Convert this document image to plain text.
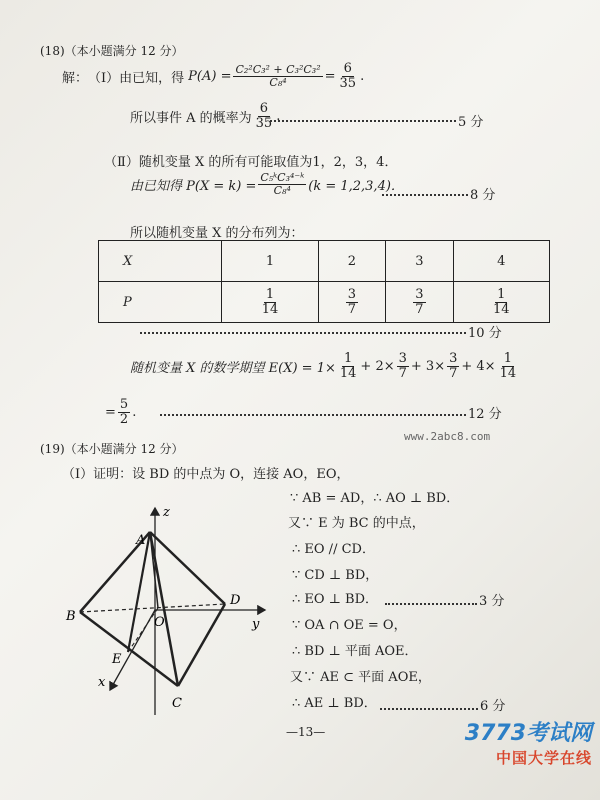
(18)（本小题满分 12 分）
解： （Ⅰ）由已知，得 $P(A) = \frac{\text{C₂²C₃² + C₃²C₃²}}{\text{C₈⁴}} = \frac{6}{35}$ .
所以事件 A 的概率为 $\frac{6}{35}$ .	5 分
（Ⅱ）随机变量 X 的所有可能取值为1，2，3，4．
由已知得 $P(X = k) = \frac{\text{C₅ᵏC₃⁴⁻ᵏ}}{\text{C₈⁴}} (k = 1,2,3,4)$．
8 分
所以随机变量 X 的分布列为：
X	1	2	3	4
P	$\frac{1}{14}$	$\frac{3}{7}$	$\frac{3}{7}$	$\frac{1}{14}$
10 分
随机变量 X 的数学期望 $E(X) = 1\times \frac{1}{14} + 2\times \frac{3}{7} + 3\times \frac{3}{7} + 4\times \frac{1}{14}$
= $\frac{5}{2}$ .	12 分
www.2abc8.com
(19)（本小题满分 12 分）
（Ⅰ）证明：设 BD 的中点为 O，连接 AO，EO，
∵ AB = AD，∴ AO ⊥ BD．
又∵ E 为 BC 的中点，
∴ EO // CD．
∵ CD ⊥ BD，
∴ EO ⊥ BD．	3 分
∵ OA ∩ OE = O，
∴ BD ⊥ 平面 AOE．
又∵ AE ⊂ 平面 AOE，
∴ AE ⊥ BD．	6 分
z
A
B	O
D
y
E
x
C
—13—	3773考试网
中国大学在线
